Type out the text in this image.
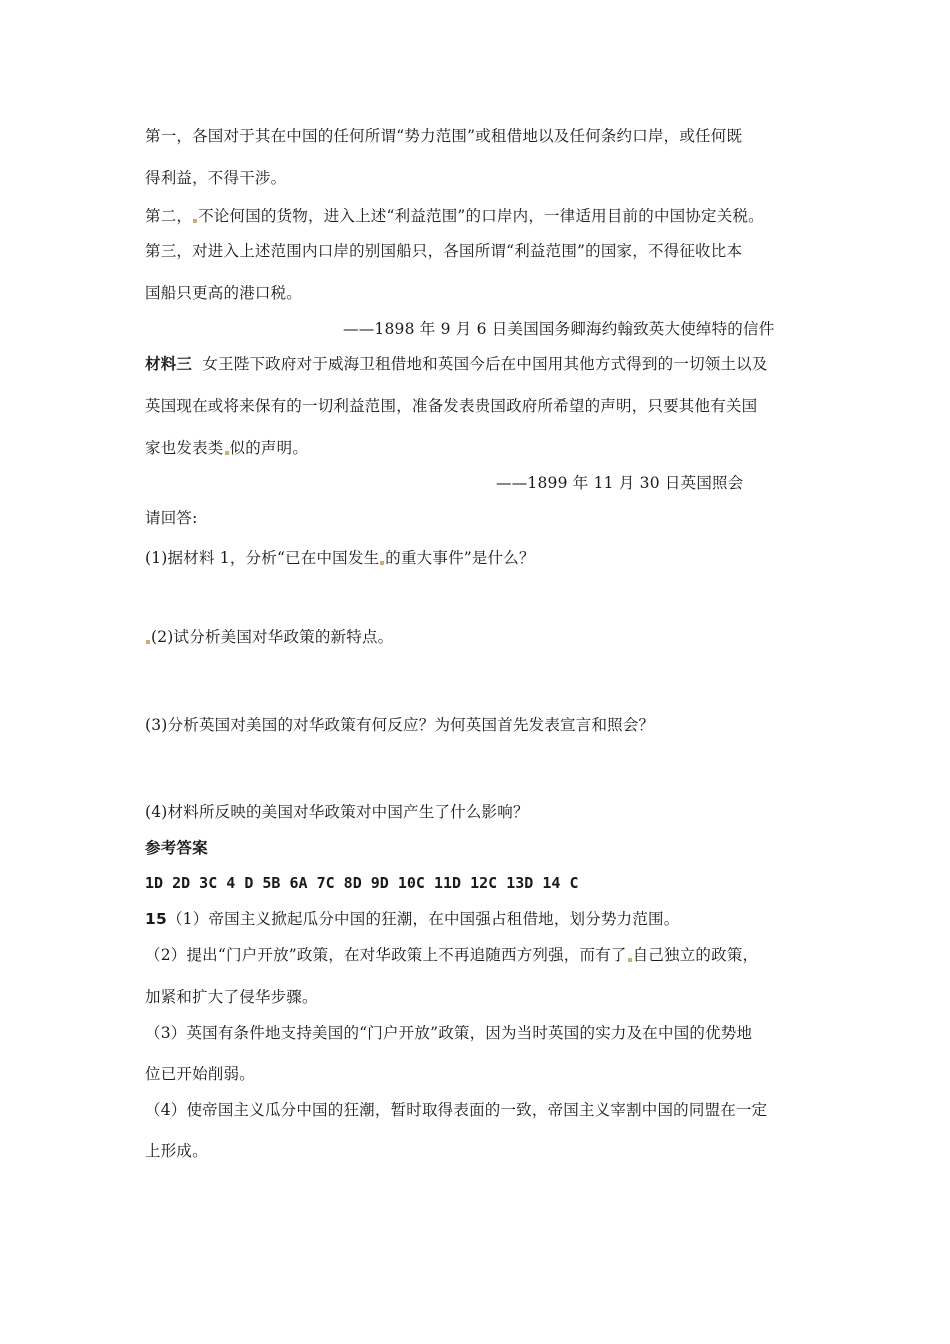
第一，各国对于其在中国的任何所谓“势力范围”或租借地以及任何条约口岸，或任何既
得利益，不得干涉。
第二， 不论何国的货物，进入上述“利益范围”的口岸内，一律适用目前的中国协定关税。
第三，对进入上述范围内口岸的别国船只，各国所谓“利益范围”的国家，不得征收比本
国船只更高的港口税。
——1898 年 9 月 6 日美国国务卿海约翰致英大使绰特的信件
材料三 女王陛下政府对于威海卫租借地和英国今后在中国用其他方式得到的一切领土以及
英国现在或将来保有的一切利益范围，准备发表贵国政府所希望的声明，只要其他有关国
家也发表类 似的声明。
——1899 年 11 月 30 日英国照会
请回答:
(1)据材料 1，分析“已在中国发生 的重大事件”是什么？
(2)试分析美国对华政策的新特点。
(3)分析英国对美国的对华政策有何反应？为何英国首先发表宣言和照会？
(4)材料所反映的美国对华政策对中国产生了什么影响？
参考答案
1D 2D 3C 4 D 5B 6A 7C 8D 9D 10C 11D 12C 13D 14 C
15（1）帝国主义掀起瓜分中国的狂潮，在中国强占租借地，划分势力范围。
（2）提出“门户开放”政策，在对华政策上不再追随西方列强，而有了 自己独立的政策，
加紧和扩大了侵华步骤。
（3）英国有条件地支持美国的“门户开放”政策，因为当时英国的实力及在中国的优势地
位已开始削弱。
（4）使帝国主义瓜分中国的狂潮，暂时取得表面的一致，帝国主义宰割中国的同盟在一定
上形成。
